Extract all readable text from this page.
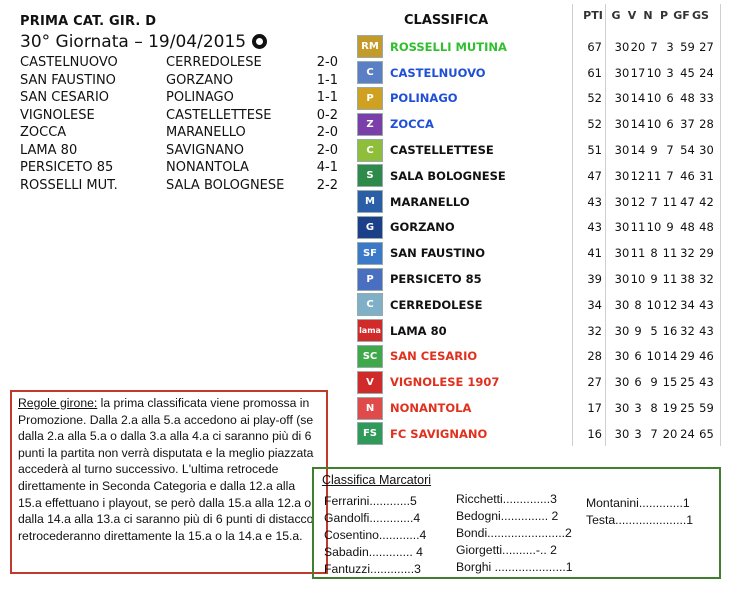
PRIMA CAT. GIR. D
30° Giornata – 19/04/2015
CASTELNUOVO	CERREDOLESE	2-0
SAN FAUSTINO	GORZANO	1-1
SAN CESARIO	POLINAGO	1-1
VIGNOLESE	CASTELLETTESE	0-2
ZOCCA	MARANELLO	2-0
LAMA 80	SAVIGNANO	2-0
PERSICETO 85	NONANTOLA	4-1
ROSSELLI MUT.	SALA BOLOGNESE	2-2
CLASSIFICA	PTI G V N P GF GS
RM ROSSELLI MUTINA	67 30 20 7 3 59 27
C	CASTELNUOVO	61 30 17 10 3 45 24
P	POLINAGO	52 30 14 10 6 48 33
Z	ZOCCA	52 30 14 10 6 37 28
C	CASTELLETTESE	51 30 14 9 7 54 30
S	SALA BOLOGNESE	47 30 12 11 7 46 31
M	MARANELLO	43 30 12 7 11 47 42
G	GORZANO	43 30 11 10 9 48 48
SF	SAN FAUSTINO	41 30 11 8 11 32 29
P	PERSICETO 85	39 30 10 9 11 38 32
C	CERREDOLESE	34 30 8 10 12 34 43
lama LAMA 80	32 30 9 5 16 32 43
SC	SAN CESARIO	28 30 6 10 14 29 46
V	VIGNOLESE 1907	27 30 6 9 15 25 43
N	NONANTOLA	17 30 3 8 19 25 59
FS	FC SAVIGNANO	16 30 3 7 20 24 65
Regole girone: la prima classificata viene promossa in Promozione. Dalla 2.a alla 5.a accedono ai play-off (se dalla 2.a alla 5.a o dalla 3.a alla 4.a ci saranno più di 6 punti la partita non verrà disputata e la meglio piazzata accederà al turno successivo. L'ultima retrocede direttamente in Seconda Categoria e dalla 12.a alla 15.a effettuano i playout, se però dalla 15.a alla 12.a o dalla 14.a alla 13.a ci saranno più di 6 punti di distacco retrocederanno direttamente la 15.a o la 14.a e 15.a.
Classifica Marcatori
Ferrarini............5
Gandolfi.............4
Cosentino............4
Sabadin............. 4
Fantuzzi.............3
Ricchetti..............3
Bedogni.............. 2
Bondi.......................2
Giorgetti..........-.. 2
Borghi .....................1
Montanini.............1
Testa.....................1
